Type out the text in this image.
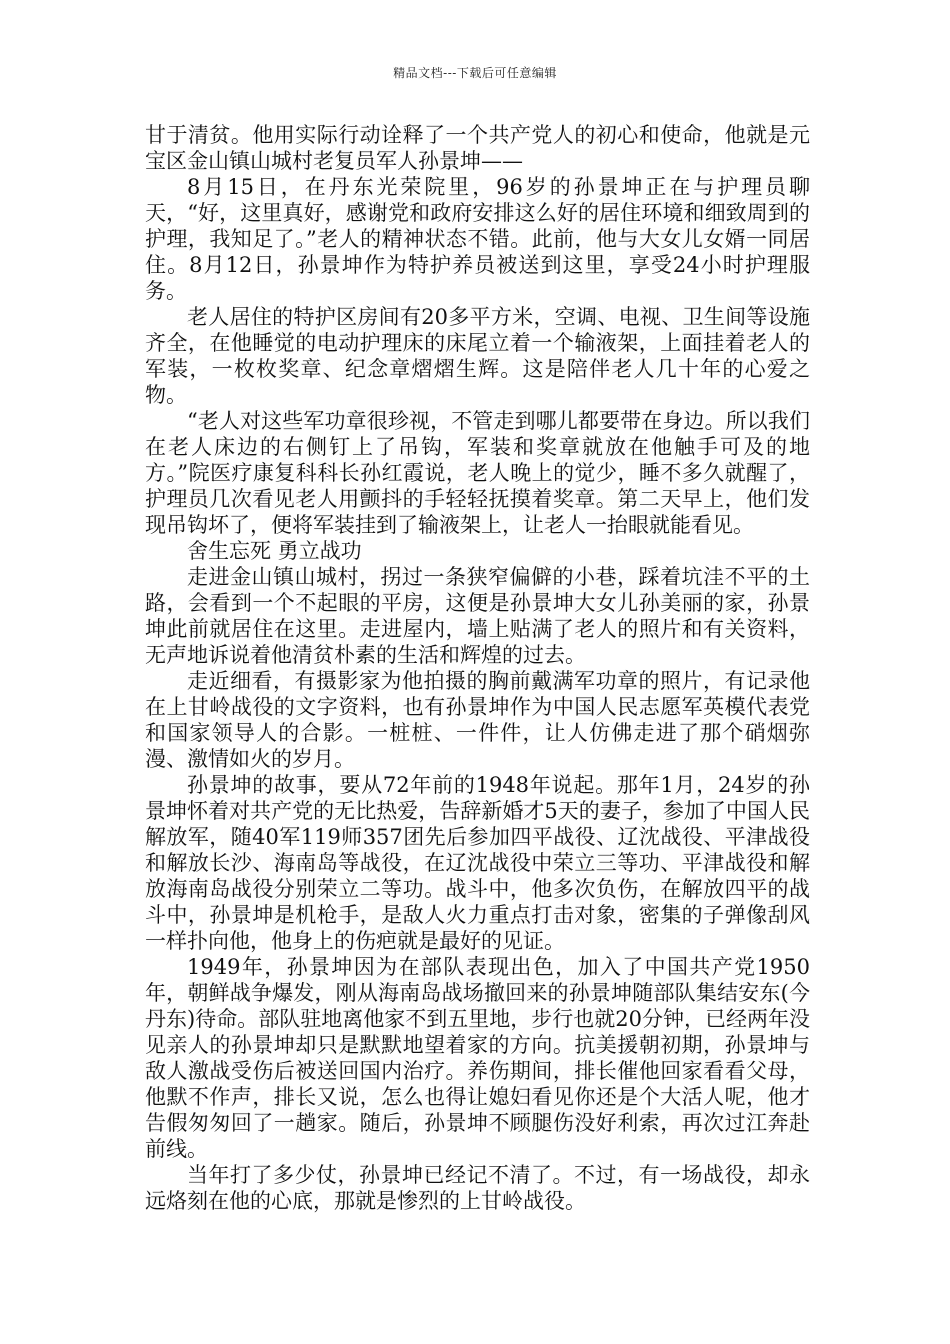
精品文档---下载后可任意编辑

甘于清贫。他用实际行动诠释了一个共产党人的初心和使命，他就是元宝区金山镇山城村老复员军人孙景坤——

8月15日，在丹东光荣院里，96岁的孙景坤正在与护理员聊天，“好，这里真好，感谢党和政府安排这么好的居住环境和细致周到的护理，我知足了。”老人的精神状态不错。此前，他与大女儿女婿一同居住。8月12日，孙景坤作为特护养员被送到这里，享受24小时护理服务。

老人居住的特护区房间有20多平方米，空调、电视、卫生间等设施齐全，在他睡觉的电动护理床的床尾立着一个输液架，上面挂着老人的军装，一枚枚奖章、纪念章熠熠生辉。这是陪伴老人几十年的心爱之物。

“老人对这些军功章很珍视，不管走到哪儿都要带在身边。所以我们在老人床边的右侧钉上了吊钩，军装和奖章就放在他触手可及的地方。”院医疗康复科科长孙红霞说，老人晚上的觉少，睡不多久就醒了，护理员几次看见老人用颤抖的手轻轻抚摸着奖章。第二天早上，他们发现吊钩坏了，便将军装挂到了输液架上，让老人一抬眼就能看见。

舍生忘死 勇立战功

走进金山镇山城村，拐过一条狭窄偏僻的小巷，踩着坑洼不平的土路，会看到一个不起眼的平房，这便是孙景坤大女儿孙美丽的家，孙景坤此前就居住在这里。走进屋内，墙上贴满了老人的照片和有关资料，无声地诉说着他清贫朴素的生活和辉煌的过去。

走近细看，有摄影家为他拍摄的胸前戴满军功章的照片，有记录他在上甘岭战役的文字资料，也有孙景坤作为中国人民志愿军英模代表党和国家领导人的合影。一桩桩、一件件，让人仿佛走进了那个硝烟弥漫、激情如火的岁月。

孙景坤的故事，要从72年前的1948年说起。那年1月，24岁的孙景坤怀着对共产党的无比热爱，告辞新婚才5天的妻子，参加了中国人民解放军，随40军119师357团先后参加四平战役、辽沈战役、平津战役和解放长沙、海南岛等战役，在辽沈战役中荣立三等功、平津战役和解放海南岛战役分别荣立二等功。战斗中，他多次负伤，在解放四平的战斗中，孙景坤是机枪手，是敌人火力重点打击对象，密集的子弹像刮风一样扑向他，他身上的伤疤就是最好的见证。

1949年，孙景坤因为在部队表现出色，加入了中国共产党1950年，朝鲜战争爆发，刚从海南岛战场撤回来的孙景坤随部队集结安东(今丹东)待命。部队驻地离他家不到五里地，步行也就20分钟，已经两年没见亲人的孙景坤却只是默默地望着家的方向。抗美援朝初期，孙景坤与敌人激战受伤后被送回国内治疗。养伤期间，排长催他回家看看父母，他默不作声，排长又说，怎么也得让媳妇看见你还是个大活人呢，他才告假匆匆回了一趟家。随后，孙景坤不顾腿伤没好利索，再次过江奔赴前线。

当年打了多少仗，孙景坤已经记不清了。不过，有一场战役，却永远烙刻在他的心底，那就是惨烈的上甘岭战役。
